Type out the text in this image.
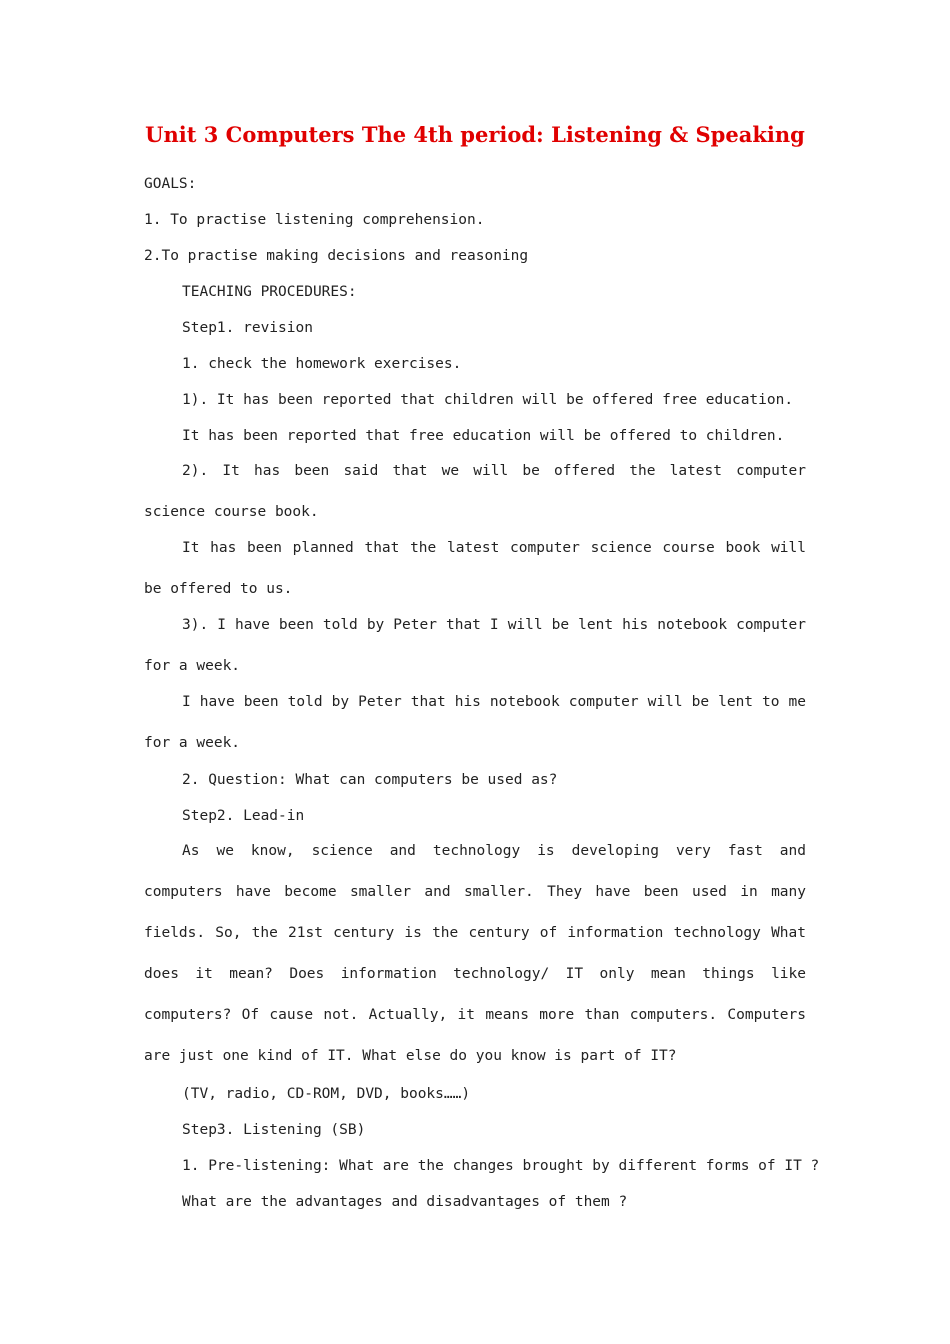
Unit 3 Computers The 4th period: Listening & Speaking
GOALS:
1. To practise listening comprehension.
2.To practise making decisions and reasoning
TEACHING PROCEDURES:
Step1. revision
1. check the homework exercises.
1). It has been reported that children will be offered free education.
It has been reported that free education will be offered to children.
2). It has been said that we will be offered the latest computer science course book.
It has been planned that the latest computer science course book will be offered to us.
3). I have been told by Peter that I will be lent his notebook computer for a week.
I have been told by Peter that his notebook computer will be lent to me for a week.
2. Question: What can computers be used as?
Step2. Lead-in
As we know, science and technology is developing very fast and computers have become smaller and smaller. They have been used in many fields. So, the 21st century is the century of information technology What does it mean? Does information technology/ IT only mean things like computers? Of cause not. Actually, it means more than computers. Computers are just one kind of IT. What else do you know is part of IT?
(TV, radio, CD-ROM, DVD, books……)
Step3. Listening (SB)
1. Pre-listening: What are the changes brought by different forms of IT ?
What are the advantages and disadvantages of them ?
